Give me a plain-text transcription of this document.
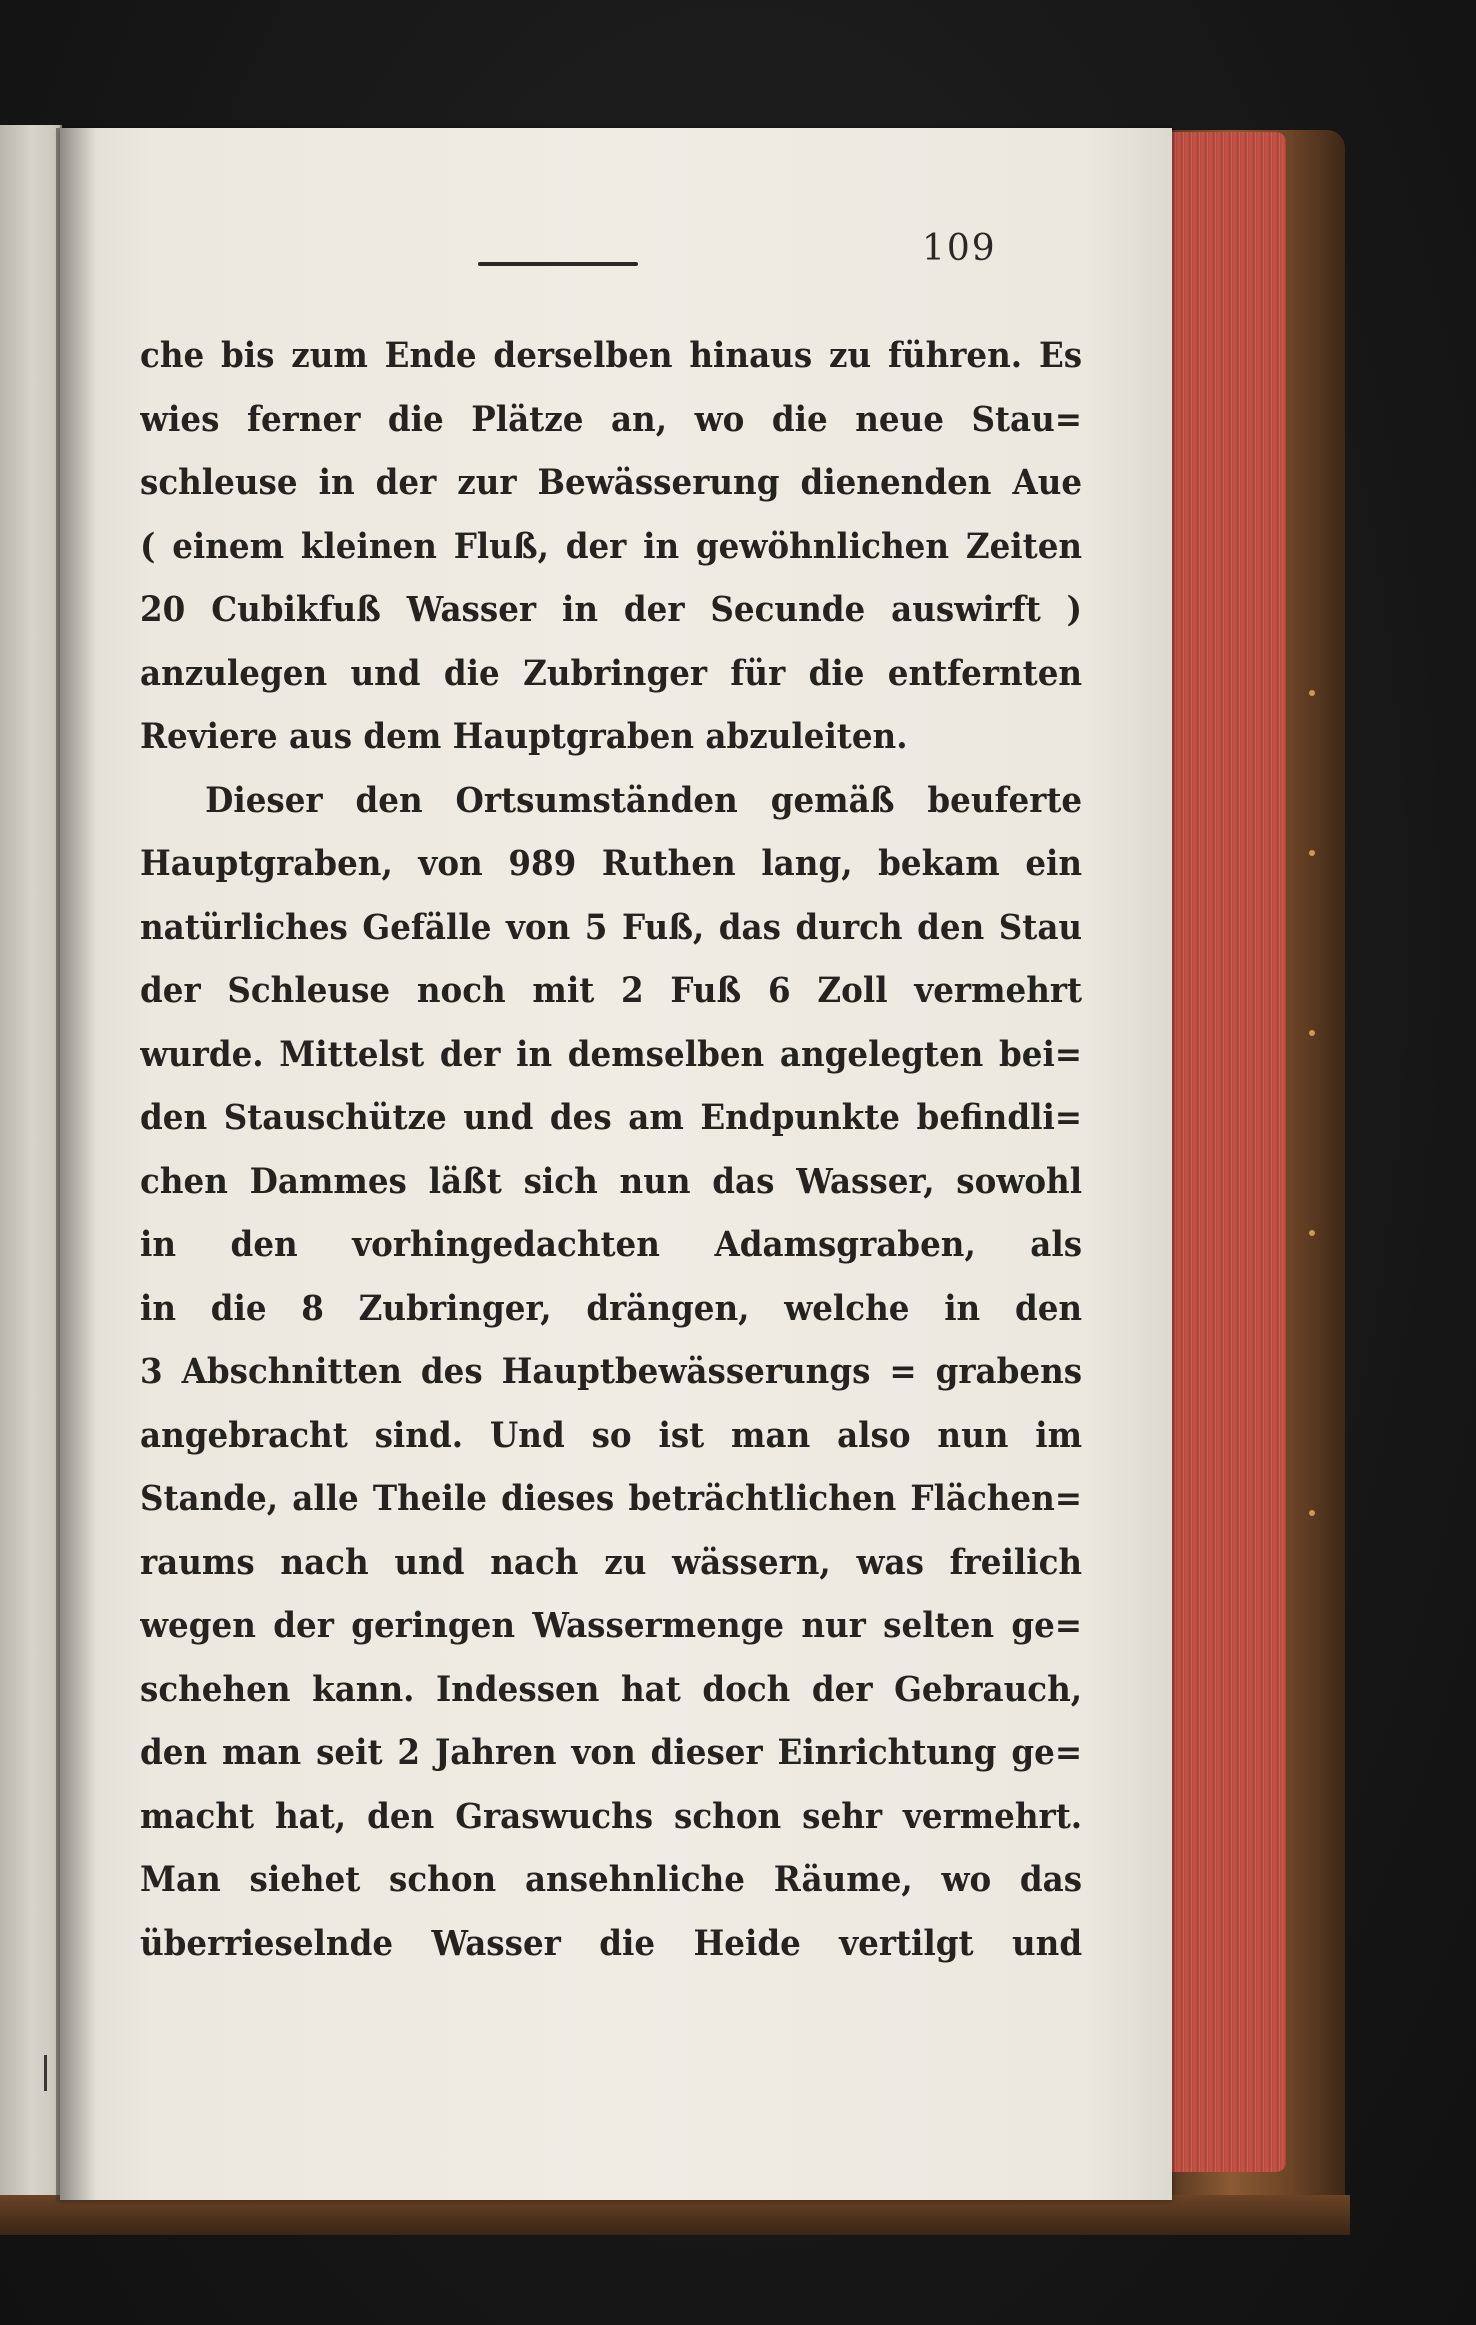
109
che bis zum Ende derselben hinaus zu führen. Es
wies ferner die Plätze an, wo die neue Stau=
schleuse in der zur Bewässerung dienenden Aue
( einem kleinen Fluß, der in gewöhnlichen Zeiten
20 Cubikfuß Wasser in der Secunde auswirft )
anzulegen und die Zubringer für die entfernten
Reviere aus dem Hauptgraben abzuleiten.
Dieser den Ortsumständen gemäß beuferte
Hauptgraben, von 989 Ruthen lang, bekam ein
natürliches Gefälle von 5 Fuß, das durch den Stau
der Schleuse noch mit 2 Fuß 6 Zoll vermehrt
wurde. Mittelst der in demselben angelegten bei=
den Stauschütze und des am Endpunkte befindli=
chen Dammes läßt sich nun das Wasser, sowohl
in den vorhingedachten Adamsgraben, als
in die 8 Zubringer, drängen, welche in den
3 Abschnitten des Hauptbewässerungs = grabens
angebracht sind. Und so ist man also nun im
Stande, alle Theile dieses beträchtlichen Flächen=
raums nach und nach zu wässern, was freilich
wegen der geringen Wassermenge nur selten ge=
schehen kann. Indessen hat doch der Gebrauch,
den man seit 2 Jahren von dieser Einrichtung ge=
macht hat, den Graswuchs schon sehr vermehrt.
Man siehet schon ansehnliche Räume, wo das
überrieselnde Wasser die Heide vertilgt und
